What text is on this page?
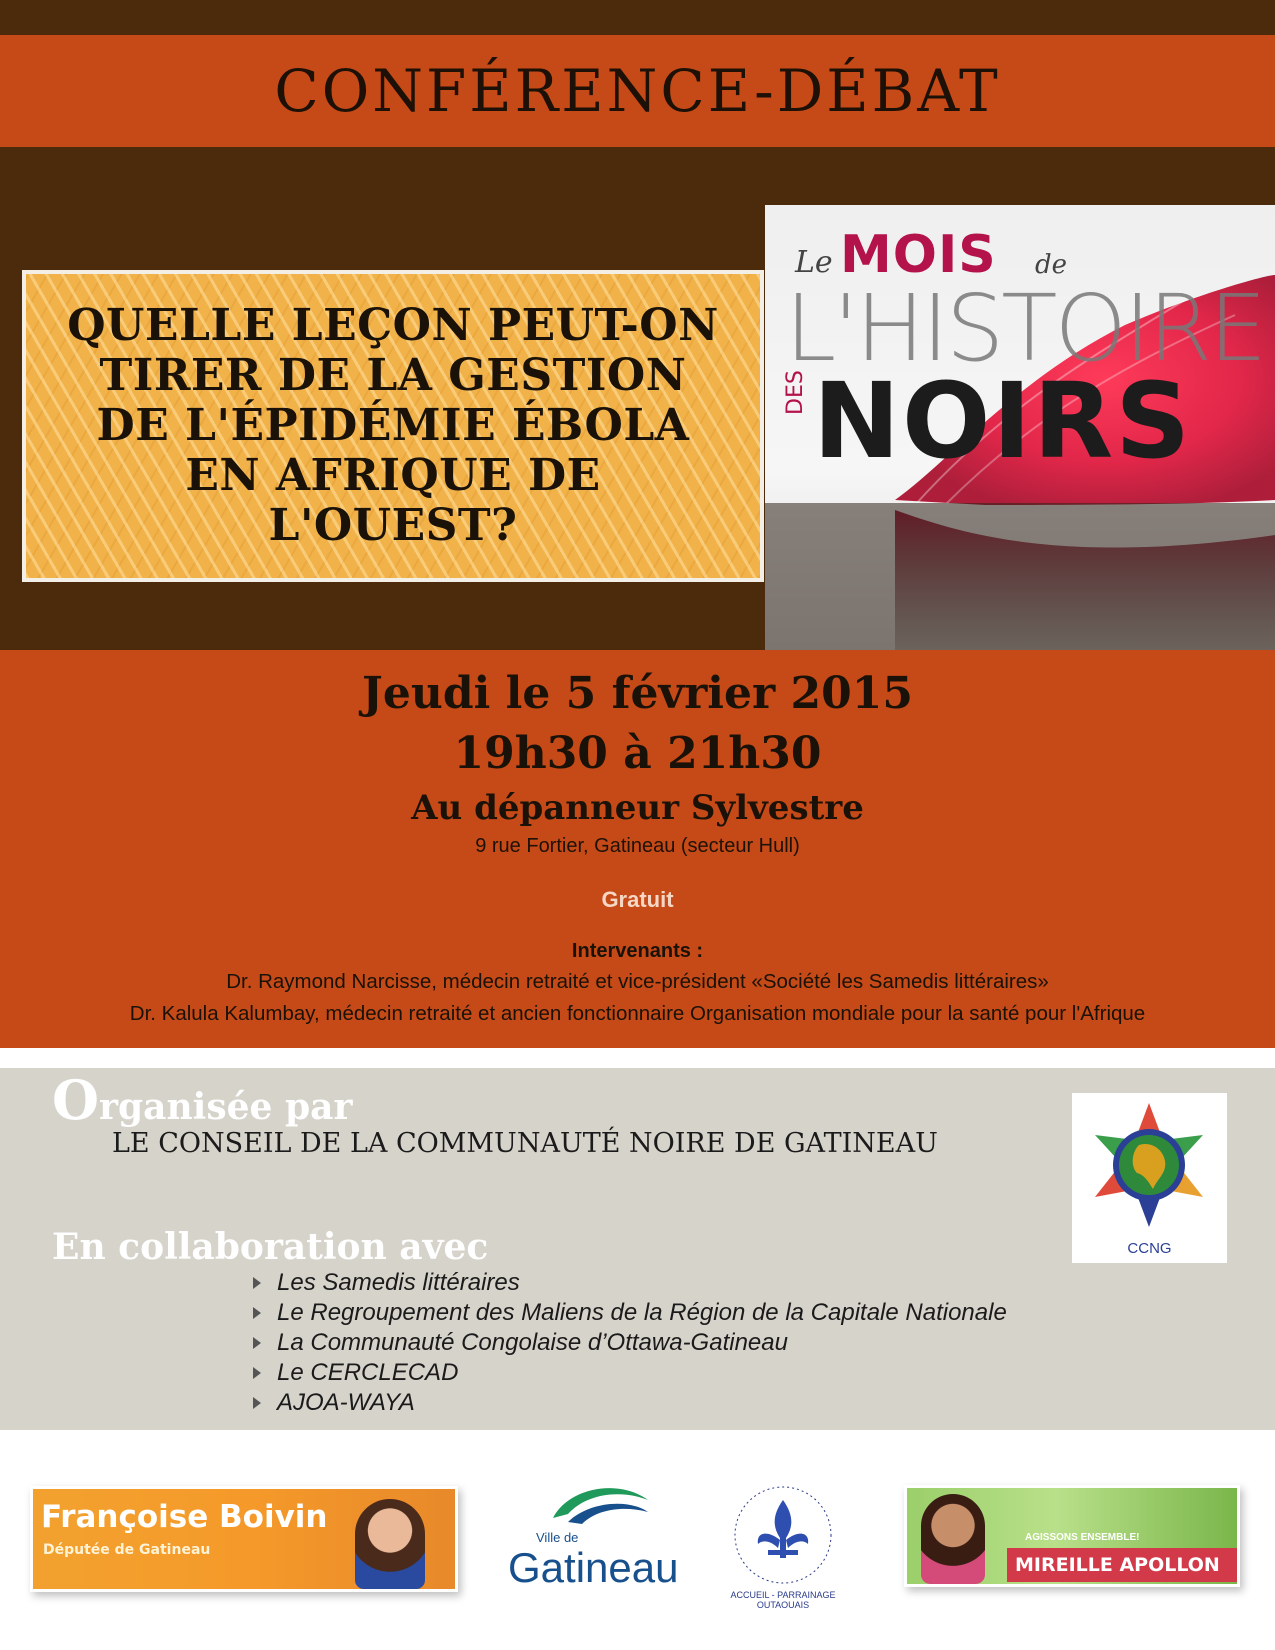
CONFÉRENCE-DÉBAT
QUELLE LEÇON PEUT-ON
TIRER DE LA GESTION
DE L'ÉPIDÉMIE ÉBOLA
EN AFRIQUE DE
L'OUEST?
Le MOIS de
L'HISTOIRE
DES NOIRS
Jeudi le 5 février 2015
19h30 à 21h30
Au dépanneur Sylvestre
9 rue Fortier, Gatineau (secteur Hull)
Gratuit
Intervenants :
Dr. Raymond Narcisse, médecin retraité et vice-président «Société les Samedis littéraires»
Dr. Kalula Kalumbay, médecin retraité et ancien fonctionnaire Organisation mondiale pour la santé pour l'Afrique
Organisée par
LE CONSEIL DE LA COMMUNAUTÉ NOIRE DE GATINEAU
En collaboration avec
Les Samedis littéraires
Le Regroupement des Maliens de la Région de la Capitale Nationale
La Communauté Congolaise d’Ottawa-Gatineau
Le CERCLECAD
AJOA-WAYA
CCNG
Françoise Boivin
Députée de Gatineau
Ville de
Gatineau
ACCUEIL - PARRAINAGE OUTAOUAIS
AGISSONS ENSEMBLE!
MIREILLE APOLLON
